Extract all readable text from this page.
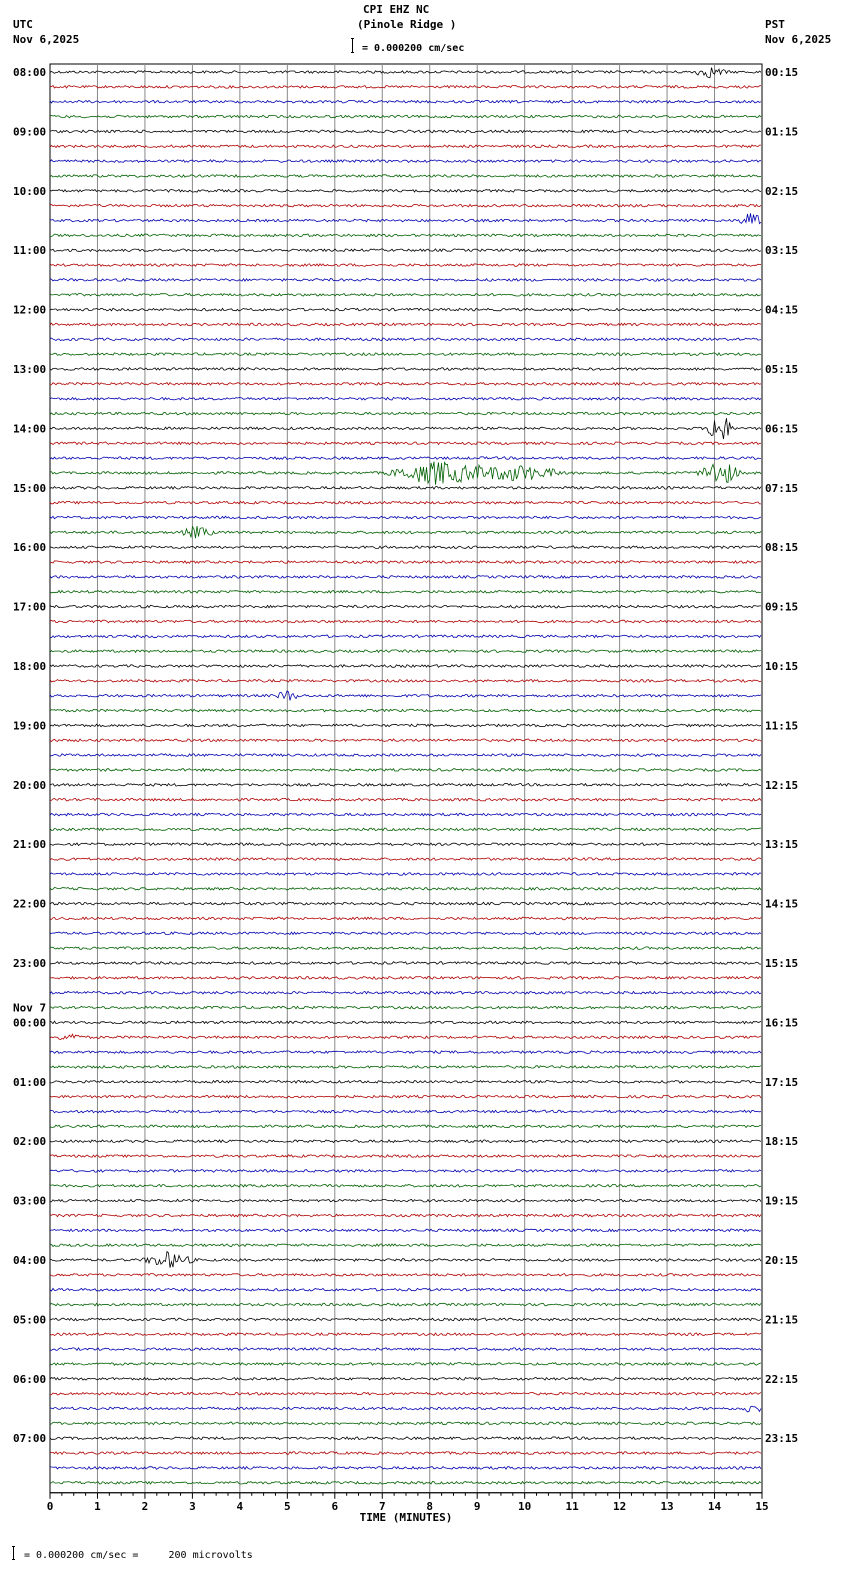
CPI EHZ NC
(Pinole Ridge )
= 0.000200 cm/sec
UTC
Nov 6,2025
PST
Nov 6,2025
0	1	2	3	4	5	6	7	8	9	10	11	12	13	14	15
TIME (MINUTES)
08:00
09:00
10:00
11:00
12:00
13:00
14:00
15:00
16:00
17:00
18:00
19:00
20:00
21:00
22:00
23:00
00:00
01:00
02:00
03:00
04:00
05:00
06:00
07:00
00:15
01:15
02:15
03:15
04:15
05:15
06:15
07:15
08:15
09:15
10:15
11:15
12:15
13:15
14:15
15:15
16:15
17:15
18:15
19:15
20:15
21:15
22:15
23:15
Nov 7
= 0.000200 cm/sec =     200 microvolts
